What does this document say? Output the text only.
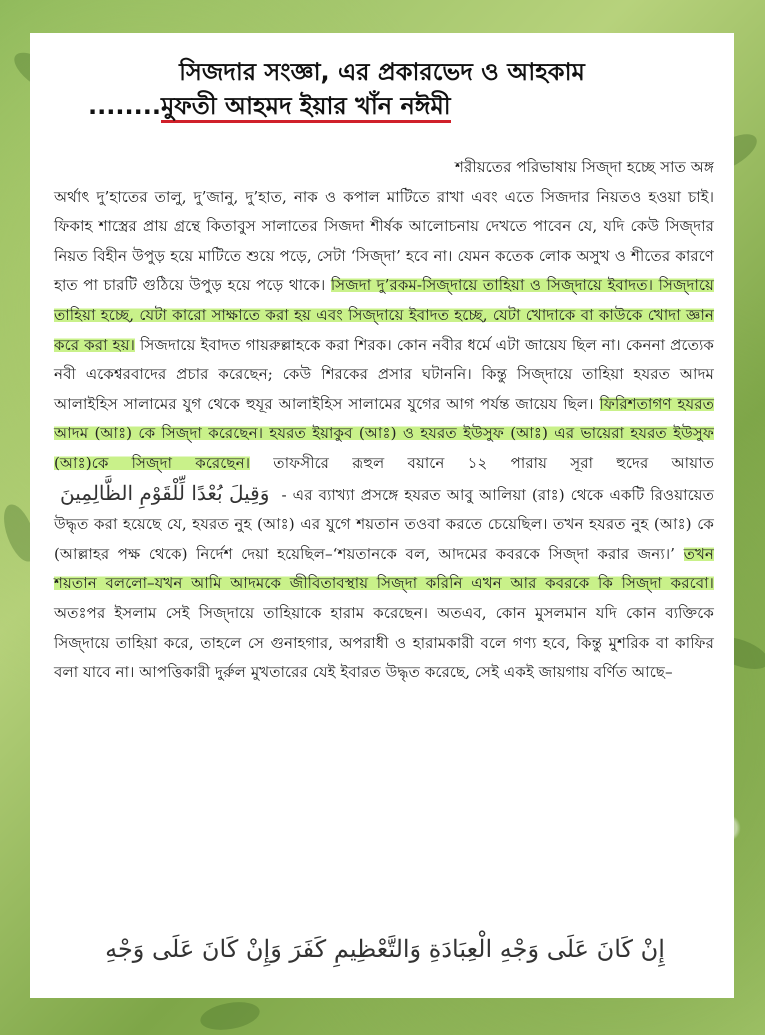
সিজদার সংজ্ঞা, এর প্রকারভেদ ও আহকাম
........মুফতী আহমদ ইয়ার খাঁন নঈমী
শরীয়তের পরিভাষায় সিজ্দা হচ্ছে সাত অঙ্গ
অর্থাৎ দু’হাতের তালু, দু’জানু, দু’হাত, নাক ও কপাল মাটিতে রাখা এবং এতে সিজদার নিয়তও হওয়া চাই। ফিকাহ শাস্ত্রের প্রায় গ্রন্থে কিতাবুস সালাতের সিজদা শীর্ষক আলোচনায় দেখতে পাবেন যে, যদি কেউ সিজ্দার নিয়ত বিহীন উপুড় হয়ে মাটিতে শুয়ে পড়ে, সেটা ‘সিজ্দা’ হবে না। যেমন কতেক লোক অসুখ ও শীতের কারণে হাত পা চারটি গুঠিয়ে উপুড় হয়ে পড়ে থাকে। সিজদা দু’রকম-সিজ্দায়ে তাহিয়া ও সিজ্দায়ে ইবাদত। সিজ্দায়ে তাহিয়া হচ্ছে, যেটা কারো সাক্ষাতে করা হয় এবং সিজ্দায়ে ইবাদত হচ্ছে, যেটা খোদাকে বা কাউকে খোদা জ্ঞান করে করা হয়। সিজদায়ে ইবাদত গায়রুল্লাহকে করা শিরক। কোন নবীর ধর্মে এটা জায়েয ছিল না। কেননা প্রত্যেক নবী একেশ্বরবাদের প্রচার করেছেন; কেউ শিরকের প্রসার ঘটাননি। কিন্তু সিজ্দায়ে তাহিয়া হযরত আদম আলাইহিস সালামের যুগ থেকে হুযূর আলাইহিস সালামের যুগের আগ পর্যন্ত জায়েয ছিল। ফিরিশতাগণ হযরত আদম (আঃ) কে সিজ্দা করেছেন। হযরত ইয়াকুব (আঃ) ও হযরত ইউসুফ (আঃ) এর ভায়েরা হযরত ইউসুফ (আঃ)কে সিজ্দা করেছেন। তাফসীরে রূহুল বয়ানে ১২ পারায় সূরা হুদের আয়াত وَقِيلَ بُعْدًا لِّلْقَوْمِ الظَّالِمِينَ - এর ব্যাখ্যা প্রসঙ্গে হযরত আবু আলিয়া (রাঃ) থেকে একটি রিওয়ায়েত উদ্ধৃত করা হয়েছে যে, হযরত নুহ (আঃ) এর যুগে শয়তান তওবা করতে চেয়েছিল। তখন হযরত নুহ (আঃ) কে (আল্লাহর পক্ষ থেকে) নির্দেশ দেয়া হয়েছিল–‘শয়তানকে বল, আদমের কবরকে সিজ্দা করার জন্য।’ তখন শয়তান বললো–যখন আমি আদমকে জীবিতাবস্থায় সিজ্দা করিনি এখন আর কবরকে কি সিজ্দা করবো। অতঃপর ইসলাম সেই সিজ্দায়ে তাহিয়াকে হারাম করেছেন। অতএব, কোন মুসলমান যদি কোন ব্যক্তিকে সিজ্দায়ে তাহিয়া করে, তাহলে সে গুনাহগার, অপরাধী ও হারামকারী বলে গণ্য হবে, কিন্তু মুশরিক বা কাফির বলা যাবে না। আপত্তিকারী দুর্রুল মুখতারের যেই ইবারত উদ্ধৃত করেছে, সেই একই জায়গায় বর্ণিত আছে–
إِنْ كَانَ عَلَى وَجْهِ الْعِبَادَةِ وَالتَّعْظِيمِ كَفَرَ وَإِنْ كَانَ عَلَى وَجْهِ
